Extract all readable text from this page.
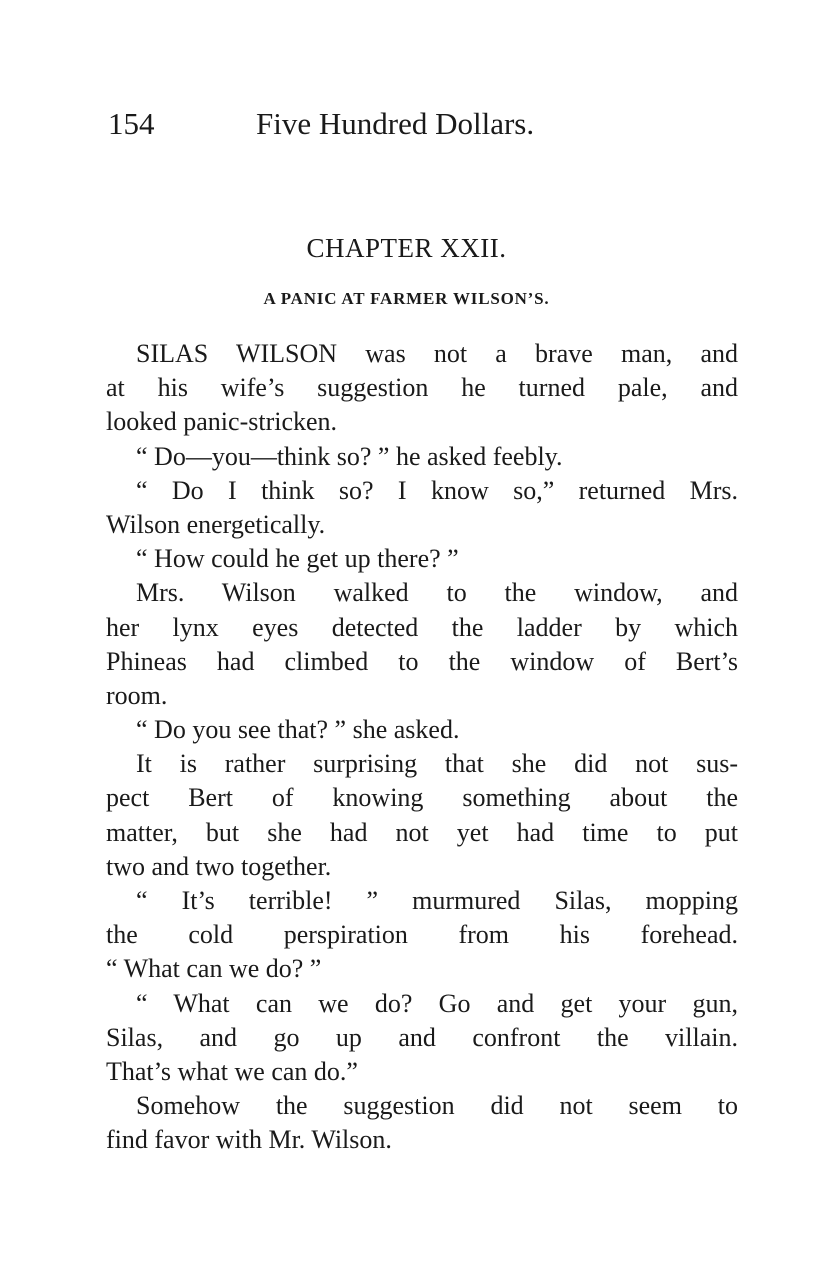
154	Five Hundred Dollars.
CHAPTER XXII.
A PANIC AT FARMER WILSON’S.
SILAS WILSON was not a brave man, and
at his wife’s suggestion he turned pale, and
looked panic-stricken.
“ Do—you—think so? ” he asked feebly.
“ Do I think so? I know so,” returned Mrs.
Wilson energetically.
“ How could he get up there? ”
Mrs. Wilson walked to the window, and
her lynx eyes detected the ladder by which
Phineas had climbed to the window of Bert’s
room.
“ Do you see that? ” she asked.
It is rather surprising that she did not sus-
pect Bert of knowing something about the
matter, but she had not yet had time to put
two and two together.
“ It’s terrible! ” murmured Silas, mopping
the cold perspiration from his forehead.
“ What can we do? ”
“ What can we do? Go and get your gun,
Silas, and go up and confront the villain.
That’s what we can do.”
Somehow the suggestion did not seem to
find favor with Mr. Wilson.
